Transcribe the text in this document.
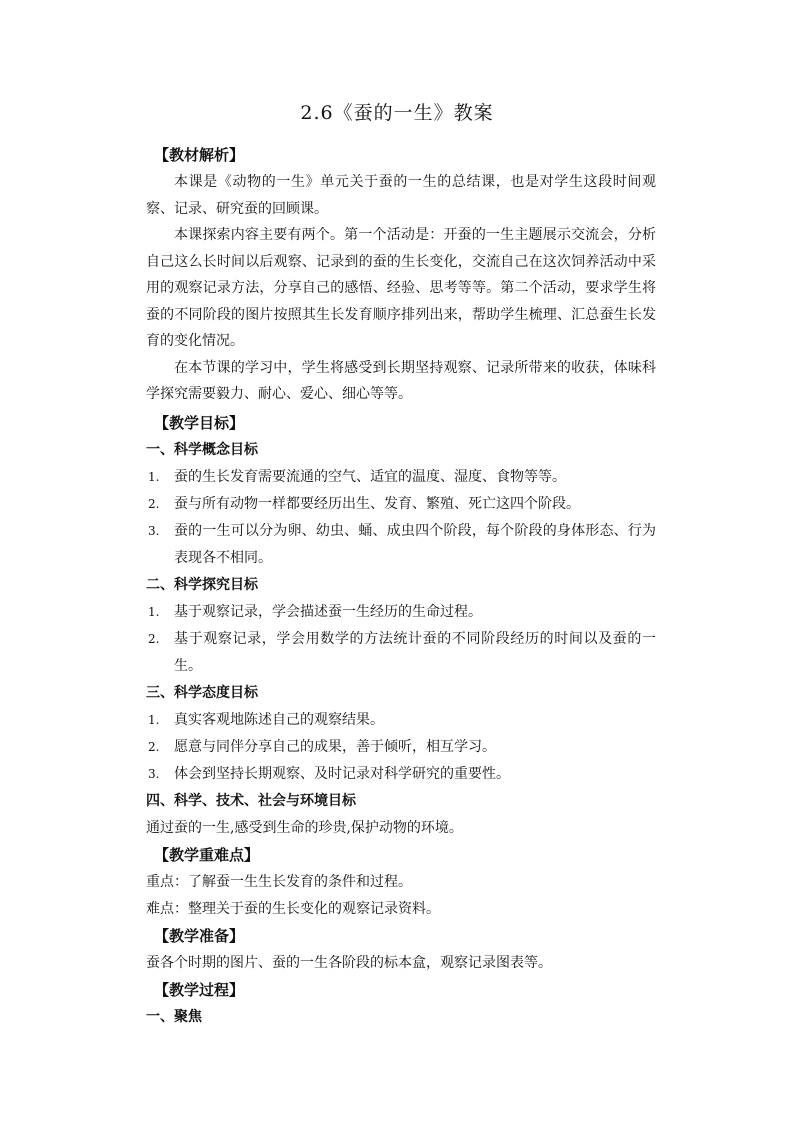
2.6《蚕的一生》教案
【教材解析】
本课是《动物的一生》单元关于蚕的一生的总结课，也是对学生这段时间观察、记录、研究蚕的回顾课。
本课探索内容主要有两个。第一个活动是：开蚕的一生主题展示交流会，分析自己这么长时间以后观察、记录到的蚕的生长变化，交流自己在这次饲养活动中采用的观察记录方法，分享自己的感悟、经验、思考等等。第二个活动，要求学生将蚕的不同阶段的图片按照其生长发育顺序排列出来，帮助学生梳理、汇总蚕生长发育的变化情况。
在本节课的学习中，学生将感受到长期坚持观察、记录所带来的收获，体味科学探究需要毅力、耐心、爱心、细心等等。
【教学目标】
一、科学概念目标
1. 蚕的生长发育需要流通的空气、适宜的温度、湿度、食物等等。
2. 蚕与所有动物一样都要经历出生、发育、繁殖、死亡这四个阶段。
3. 蚕的一生可以分为卵、幼虫、蛹、成虫四个阶段，每个阶段的身体形态、行为表现各不相同。
二、科学探究目标
1. 基于观察记录，学会描述蚕一生经历的生命过程。
2. 基于观察记录，学会用数学的方法统计蚕的不同阶段经历的时间以及蚕的一生。
三、科学态度目标
1. 真实客观地陈述自己的观察结果。
2. 愿意与同伴分享自己的成果，善于倾听，相互学习。
3. 体会到坚持长期观察、及时记录对科学研究的重要性。
四、科学、技术、社会与环境目标
通过蚕的一生,感受到生命的珍贵,保护动物的环境。
【教学重难点】
重点：了解蚕一生生长发育的条件和过程。
难点：整理关于蚕的生长变化的观察记录资料。
【教学准备】
蚕各个时期的图片、蚕的一生各阶段的标本盒，观察记录图表等。
【教学过程】
一、聚焦
